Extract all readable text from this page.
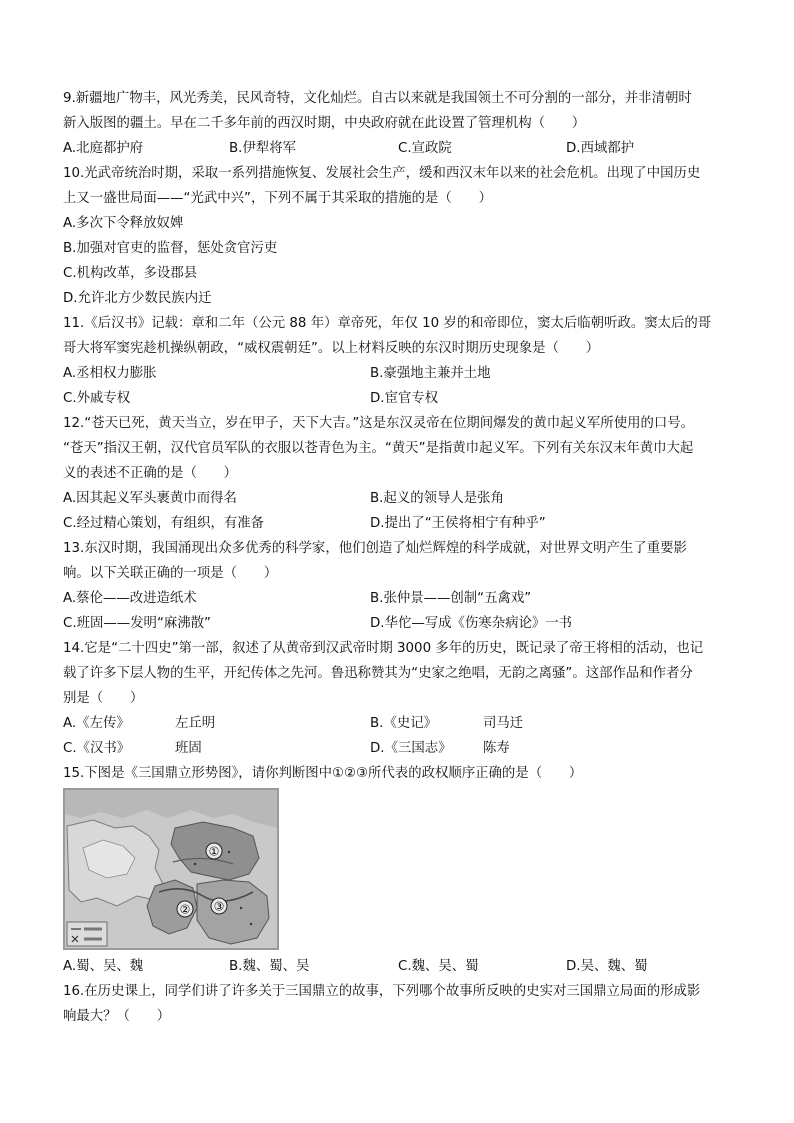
9.新疆地广物丰，风光秀美，民风奇特，文化灿烂。自古以来就是我国领土不可分割的一部分，并非清朝时
新入版图的疆土。早在二千多年前的西汉时期，中央政府就在此设置了管理机构（　　）
A.北庭都护府	B.伊犁将军	C.宣政院	D.西域都护
10.光武帝统治时期，采取一系列措施恢复、发展社会生产，缓和西汉末年以来的社会危机。出现了中国历史
上又一盛世局面——“光武中兴”，下列不属于其采取的措施的是（　　）
A.多次下令释放奴婢
B.加强对官吏的监督，惩处贪官污吏
C.机构改革，多设郡县
D.允许北方少数民族内迁
11.《后汉书》记载：章和二年（公元 88 年）章帝死，年仅 10 岁的和帝即位，窦太后临朝听政。窦太后的哥
哥大将军窦宪趁机操纵朝政，“威权震朝廷”。以上材料反映的东汉时期历史现象是（　　）
A.丞相权力膨胀	B.豪强地主兼并土地
C.外戚专权	D.宦官专权
12.“苍天已死，黄天当立，岁在甲子，天下大吉。”这是东汉灵帝在位期间爆发的黄巾起义军所使用的口号。
“苍天”指汉王朝，汉代官员军队的衣服以苍青色为主。“黄天”是指黄巾起义军。下列有关东汉末年黄巾大起
义的表述不正确的是（　　）
A.因其起义军头裹黄巾而得名	B.起义的领导人是张角
C.经过精心策划，有组织，有准备	D.提出了“王侯将相宁有种乎”
13.东汉时期，我国涌现出众多优秀的科学家，他们创造了灿烂辉煌的科学成就，对世界文明产生了重要影
响。以下关联正确的一项是（　　）
A.蔡伦——改进造纸术	B.张仲景——创制“五禽戏”
C.班固——发明“麻沸散”	D.华佗—写成《伤寒杂病论》一书
14.它是“二十四史”第一部，叙述了从黄帝到汉武帝时期 3000 多年的历史，既记录了帝王将相的活动，也记
载了许多下层人物的生平，开纪传体之先河。鲁迅称赞其为“史家之绝唱，无韵之离骚”。这部作品和作者分
别是（　　）
A.《左传》	左丘明	B.《史记》	司马迁
C.《汉书》	班固	D.《三国志》 陈寿
15.下图是《三国鼎立形势图》，请你判断图中①②③所代表的政权顺序正确的是（　　）
①
② ③
A.蜀、吴、魏	B.魏、蜀、吴	C.魏、吴、蜀	D.吴、魏、蜀
16.在历史课上，同学们讲了许多关于三国鼎立的故事，下列哪个故事所反映的史实对三国鼎立局面的形成影
响最大？（　　）
